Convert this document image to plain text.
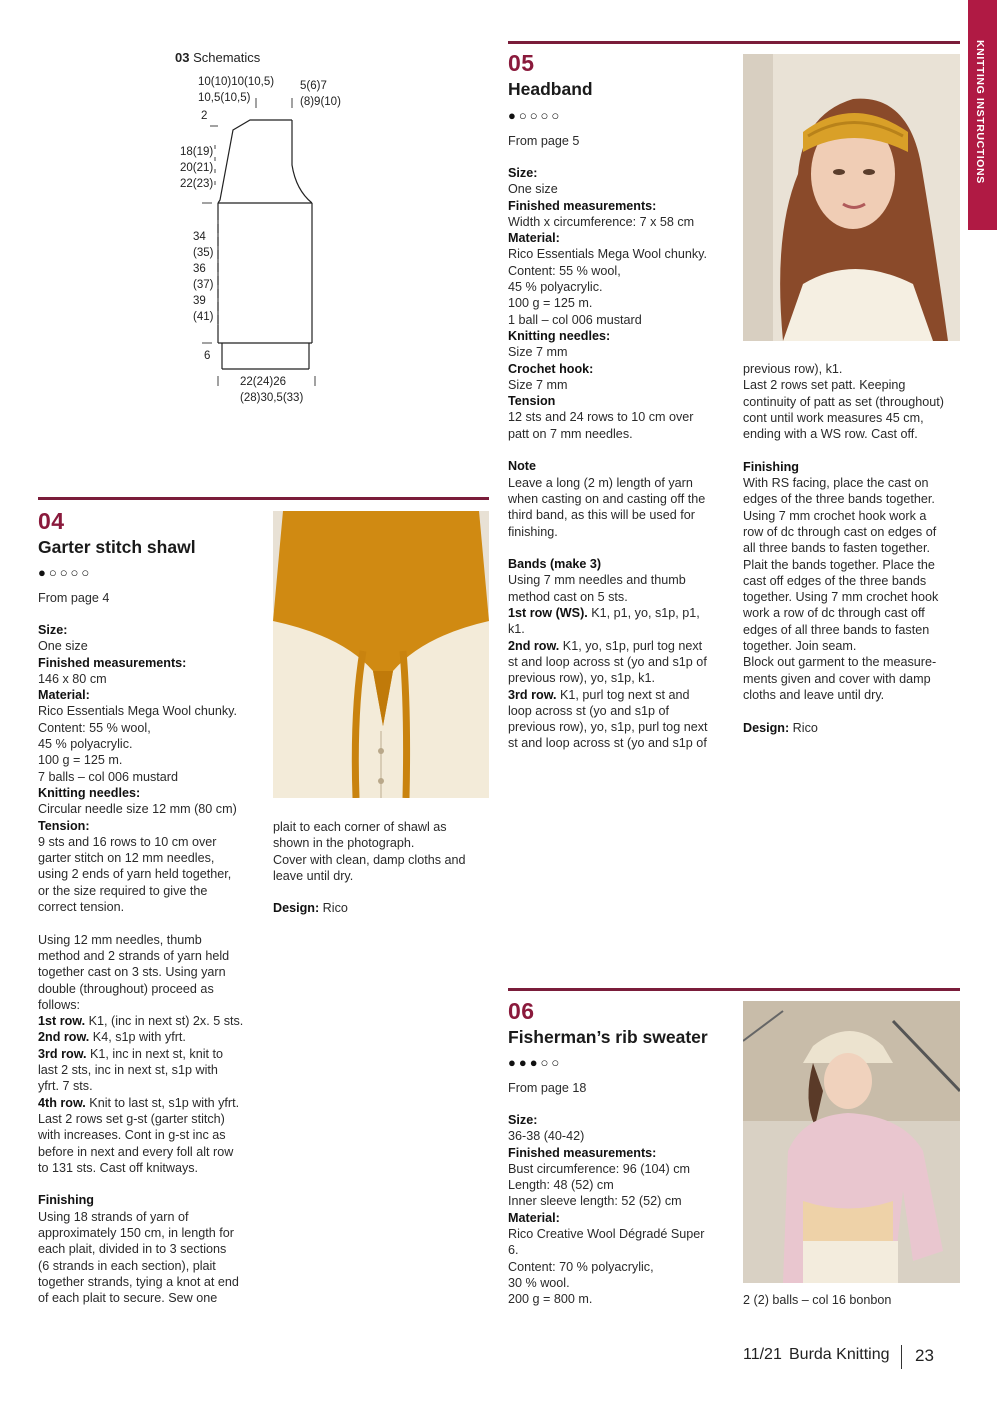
KNITTING INSTRUCTIONS
03 Schematics
10(10)10(10,5)
10,5(10,5)
5(6)7
(8)9(10)
2
18(19)
20(21)
22(23)
34
(35)
36
(37)
39
(41)
6
22(24)26
(28)30,5(33)
05
Headband
●○○○○
From page 5

Size:

One size

Finished measurements:

Width x circumference: 7 x 58 cm

Material:

Rico Essentials Mega Wool chunky.

Content: 55 % wool,

45 % polyacrylic.

100 g = 125 m.

1 ball – col 006 mustard

Knitting needles:

Size 7 mm

Crochet hook:

Size 7 mm

Tension

12 sts and 24 rows to 10 cm over

patt on 7 mm needles.

Note

Leave a long (2 m) length of yarn

when casting on and casting off the

third band, as this will be used for

finishing.

Bands (make 3)

Using 7 mm needles and thumb

method cast on 5 sts.

1st row (WS). K1, p1, yo, s1p, p1,

k1.

2nd row. K1, yo, s1p, purl tog next

st and loop across st (yo and s1p of

previous row), yo, s1p, k1.

3rd row. K1, purl tog next st and

loop across st (yo and s1p of

previous row), yo, s1p, purl tog next

st and loop across st (yo and s1p of

previous row), k1.

Last 2 rows set patt. Keeping

continuity of patt as set (throughout)

cont until work measures 45 cm,

ending with a WS row. Cast off.

Finishing

With RS facing, place the cast on

edges of the three bands together.

Using 7 mm crochet hook work a

row of dc through cast on edges of

all three bands to fasten together.

Plait the bands together. Place the

cast off edges of the three bands

together. Using 7 mm crochet hook

work a row of dc through cast off

edges of all three bands to fasten

together. Join seam.

Block out garment to the measure-

ments given and cover with damp

cloths and leave until dry.

Design: Rico

04
Garter stitch shawl
●○○○○
From page 4

Size:

One size

Finished measurements:

146 x 80 cm

Material:

Rico Essentials Mega Wool chunky.

Content: 55 % wool,

45 % polyacrylic.

100 g = 125 m.

7 balls – col 006 mustard

Knitting needles:

Circular needle size 12 mm (80 cm)

Tension:

9 sts and 16 rows to 10 cm over

garter stitch on 12 mm needles,

using 2 ends of yarn held together,

or the size required to give the

correct tension.

Using 12 mm needles, thumb

method and 2 strands of yarn held

together cast on 3 sts. Using yarn

double (throughout) proceed as

follows:

1st row. K1, (inc in next st) 2x. 5 sts.

2nd row. K4, s1p with yfrt.

3rd row. K1, inc in next st, knit to

last 2 sts, inc in next st, s1p with

yfrt. 7 sts.

4th row. Knit to last st, s1p with yfrt.

Last 2 rows set g-st (garter stitch)

with increases. Cont in g-st inc as

before in next and every foll alt row

to 131 sts. Cast off knitways.

Finishing

Using 18 strands of yarn of

approximately 150 cm, in length for

each plait, divided in to 3 sections

(6 strands in each section), plait

together strands, tying a knot at end

of each plait to secure. Sew one

plait to each corner of shawl as

shown in the photograph.

Cover with clean, damp cloths and

leave until dry.

Design: Rico

06
Fisherman’s rib sweater
●●●○○
From page 18

Size:

36-38 (40-42)

Finished measurements:

Bust circumference: 96 (104) cm

Length: 48 (52) cm

Inner sleeve length: 52 (52) cm

Material:

Rico Creative Wool Dégradé Super

6.

Content: 70 % polyacrylic,

30 % wool.

200 g = 800 m.	2 (2) balls – col 16 bonbon

11/21 Burda Knitting 23
